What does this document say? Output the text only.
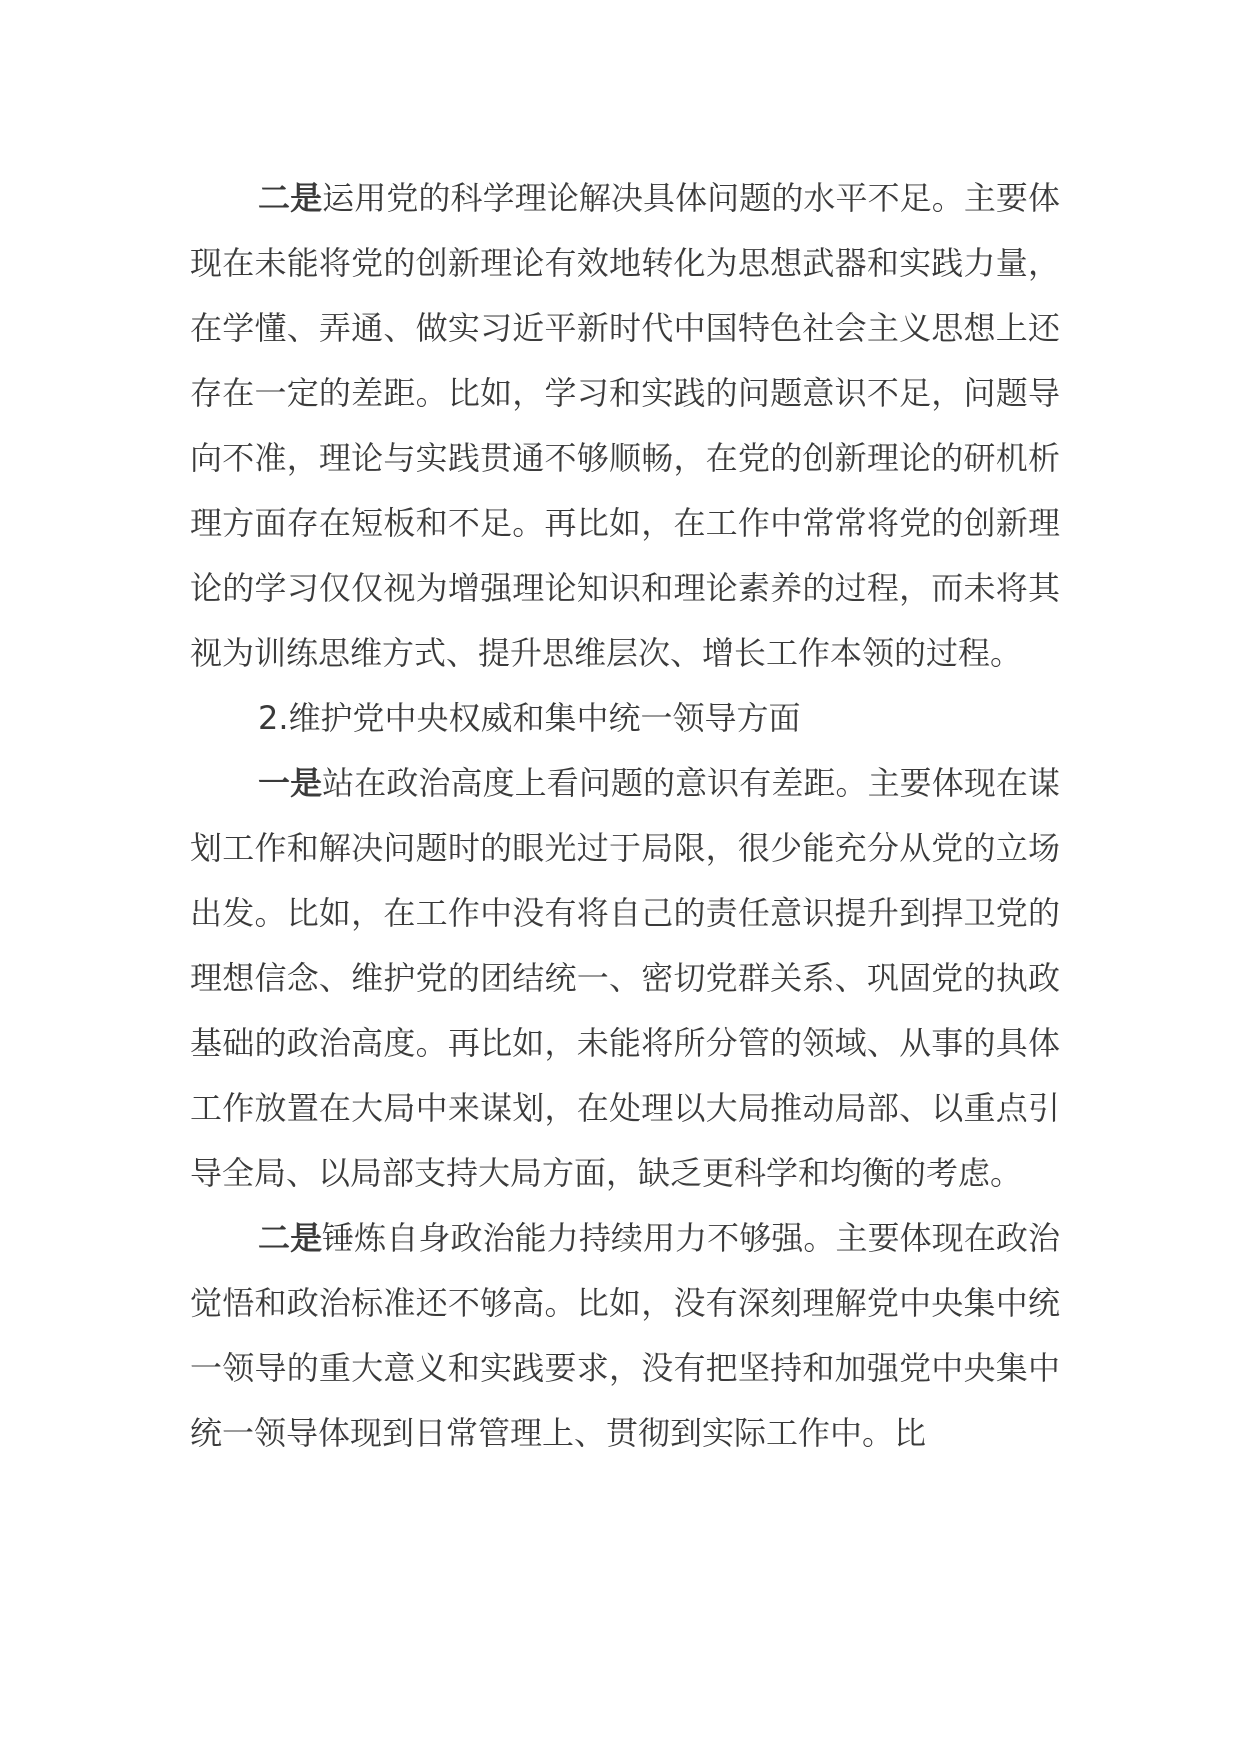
二是运用党的科学理论解决具体问题的水平不足。主要体现在未能将党的创新理论有效地转化为思想武器和实践力量，在学懂、弄通、做实习近平新时代中国特色社会主义思想上还存在一定的差距。比如，学习和实践的问题意识不足，问题导向不准，理论与实践贯通不够顺畅，在党的创新理论的研机析理方面存在短板和不足。再比如，在工作中常常将党的创新理论的学习仅仅视为增强理论知识和理论素养的过程，而未将其视为训练思维方式、提升思维层次、增长工作本领的过程。

2.维护党中央权威和集中统一领导方面

一是站在政治高度上看问题的意识有差距。主要体现在谋划工作和解决问题时的眼光过于局限，很少能充分从党的立场出发。比如，在工作中没有将自己的责任意识提升到捍卫党的理想信念、维护党的团结统一、密切党群关系、巩固党的执政基础的政治高度。再比如，未能将所分管的领域、从事的具体工作放置在大局中来谋划，在处理以大局推动局部、以重点引导全局、以局部支持大局方面，缺乏更科学和均衡的考虑。

二是锤炼自身政治能力持续用力不够强。主要体现在政治觉悟和政治标准还不够高。比如，没有深刻理解党中央集中统一领导的重大意义和实践要求，没有把坚持和加强党中央集中统一领导体现到日常管理上、贯彻到实际工作中。比
